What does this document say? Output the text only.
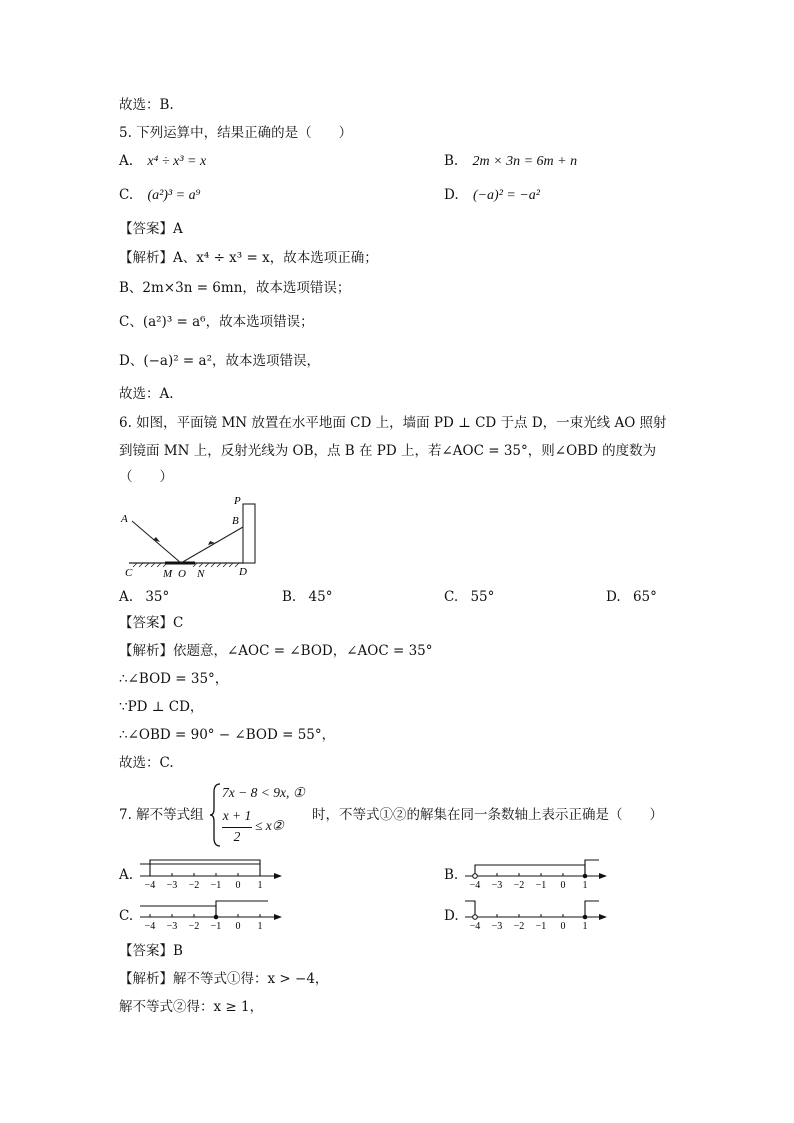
故选：B.
5. 下列运算中，结果正确的是（　　）
A. x⁴ ÷ x³ = x	B. 2m × 3n = 6m + n
C. (a²)³ = a⁹	D. (−a)² = −a²
【答案】A
【解析】A、x⁴ ÷ x³ = x，故本选项正确；
B、2m×3n = 6mn，故本选项错误；
C、(a²)³ = a⁶，故本选项错误；
D、(−a)² = a²，故本选项错误，
故选：A.
6. 如图，平面镜 MN 放置在水平地面 CD 上，墙面 PD ⊥ CD 于点 D，一束光线 AO 照射
到镜面 MN 上，反射光线为 OB，点 B 在 PD 上，若∠AOC = 35°，则∠OBD 的度数为
（　　）
A
P
B
C	M O N	D
A. 35°	B. 45°	C. 55°	D. 65°
【答案】C
【解析】依题意，∠AOC = ∠BOD，∠AOC = 35°
∴∠BOD = 35°，
∵PD ⊥ CD，
∴∠OBD = 90° − ∠BOD = 55°，
故选：C.
7. 解不等式组
7x − 8 < 9x, ①
x + 1
2
≤ x②
时，不等式①②的解集在同一条数轴上表示正确是（　　）
A.	B.
C.	D.
−4 −3 −2 −1 0 1	−4 −3 −2 −1 0 1
−4 −3 −2 −1 0 1	−4 −3 −2 −1 0 1
【答案】B
【解析】解不等式①得：x > −4，
解不等式②得：x ≥ 1，
